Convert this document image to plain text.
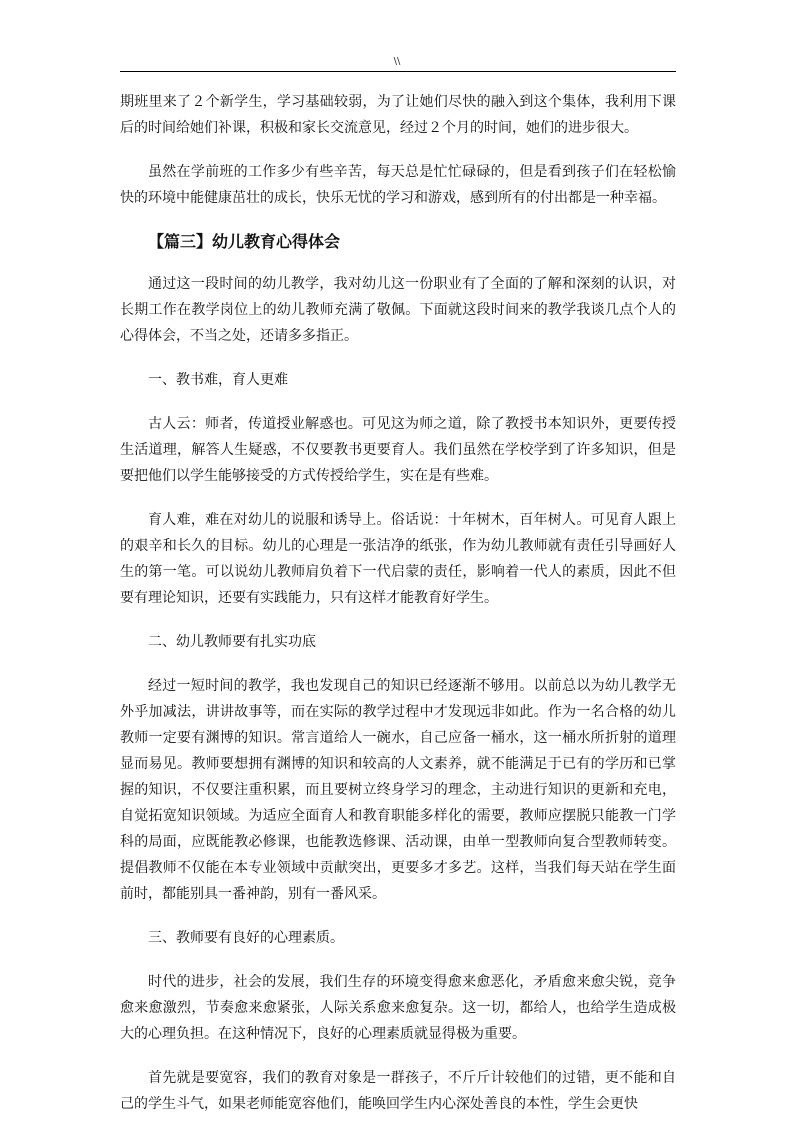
\\

期班里来了２个新学生，学习基础较弱，为了让她们尽快的融入到这个集体，我利用下课后的时间给她们补课，积极和家长交流意见，经过２个月的时间，她们的进步很大。

虽然在学前班的工作多少有些辛苦，每天总是忙忙碌碌的，但是看到孩子们在轻松愉快的环境中能健康茁壮的成长，快乐无忧的学习和游戏，感到所有的付出都是一种幸福。

【篇三】幼儿教育心得体会

通过这一段时间的幼儿教学，我对幼儿这一份职业有了全面的了解和深刻的认识，对长期工作在教学岗位上的幼儿教师充满了敬佩。下面就这段时间来的教学我谈几点个人的心得体会，不当之处，还请多多指正。

一、教书难，育人更难

古人云：师者，传道授业解惑也。可见这为师之道，除了教授书本知识外，更要传授生活道理，解答人生疑惑，不仅要教书更要育人。我们虽然在学校学到了许多知识，但是要把他们以学生能够接受的方式传授给学生，实在是有些难。

育人难，难在对幼儿的说服和诱导上。俗话说：十年树木，百年树人。可见育人跟上的艰辛和长久的目标。幼儿的心理是一张洁净的纸张，作为幼儿教师就有责任引导画好人生的第一笔。可以说幼儿教师肩负着下一代启蒙的责任，影响着一代人的素质，因此不但要有理论知识，还要有实践能力，只有这样才能教育好学生。

二、幼儿教师要有扎实功底

经过一短时间的教学，我也发现自己的知识已经逐渐不够用。以前总以为幼儿教学无外乎加减法，讲讲故事等，而在实际的教学过程中才发现远非如此。作为一名合格的幼儿教师一定要有渊博的知识。常言道给人一碗水，自己应备一桶水，这一桶水所折射的道理显而易见。教师要想拥有渊博的知识和较高的人文素养，就不能满足于已有的学历和已掌握的知识，不仅要注重积累，而且要树立终身学习的理念，主动进行知识的更新和充电，自觉拓宽知识领域。为适应全面育人和教育职能多样化的需要，教师应摆脱只能教一门学科的局面，应既能教必修课，也能教选修课、活动课，由单一型教师向复合型教师转变。提倡教师不仅能在本专业领域中贡献突出，更要多才多艺。这样，当我们每天站在学生面前时，都能别具一番神韵，别有一番风采。

三、教师要有良好的心理素质。

时代的进步，社会的发展，我们生存的环境变得愈来愈恶化，矛盾愈来愈尖锐，竞争愈来愈激烈，节奏愈来愈紧张，人际关系愈来愈复杂。这一切，都给人，也给学生造成极大的心理负担。在这种情况下，良好的心理素质就显得极为重要。

首先就是要宽容，我们的教育对象是一群孩子，不斤斤计较他们的过错，更不能和自己的学生斗气，如果老师能宽容他们，能唤回学生内心深处善良的本性，学生会更快
